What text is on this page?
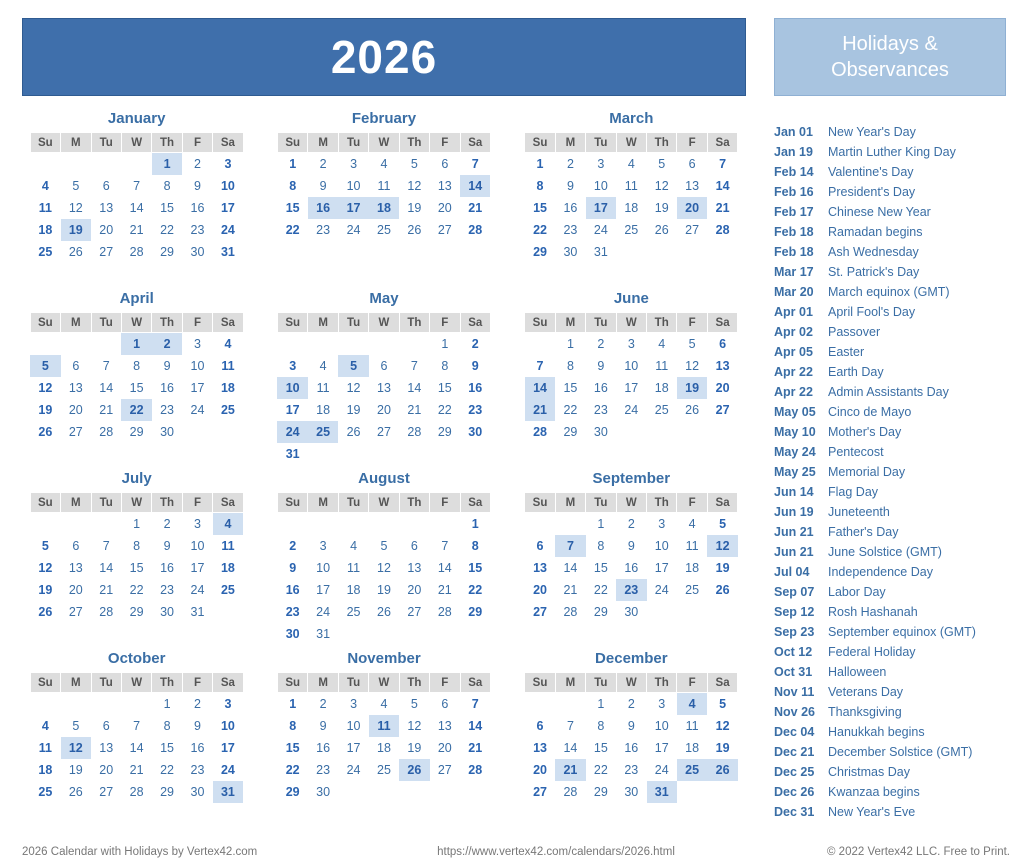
2026	Holidays &
Observances
January
Su	M	Tu	W	Th	F	Sa
				1	2	3
4	5	6	7	8	9	10
11	12	13	14	15	16	17
18	19	20	21	22	23	24
25	26	27	28	29	30	31
February
Su	M	Tu	W	Th	F	Sa
1	2	3	4	5	6	7
8	9	10	11	12	13	14
15	16	17	18	19	20	21
22	23	24	25	26	27	28
March
Su	M	Tu	W	Th	F	Sa
1	2	3	4	5	6	7
8	9	10	11	12	13	14
15	16	17	18	19	20	21
22	23	24	25	26	27	28
29	30	31				
April
Su	M	Tu	W	Th	F	Sa
			1	2	3	4
5	6	7	8	9	10	11
12	13	14	15	16	17	18
19	20	21	22	23	24	25
26	27	28	29	30		
May
Su	M	Tu	W	Th	F	Sa
					1	2
3	4	5	6	7	8	9
10	11	12	13	14	15	16
17	18	19	20	21	22	23
24	25	26	27	28	29	30
31						
June
Su	M	Tu	W	Th	F	Sa
	1	2	3	4	5	6
7	8	9	10	11	12	13
14	15	16	17	18	19	20
21	22	23	24	25	26	27
28	29	30				
July
Su	M	Tu	W	Th	F	Sa
			1	2	3	4
5	6	7	8	9	10	11
12	13	14	15	16	17	18
19	20	21	22	23	24	25
26	27	28	29	30	31	
August
Su	M	Tu	W	Th	F	Sa
						1
2	3	4	5	6	7	8
9	10	11	12	13	14	15
16	17	18	19	20	21	22
23	24	25	26	27	28	29
30	31					
September
Su	M	Tu	W	Th	F	Sa
		1	2	3	4	5
6	7	8	9	10	11	12
13	14	15	16	17	18	19
20	21	22	23	24	25	26
27	28	29	30			
October
Su	M	Tu	W	Th	F	Sa
				1	2	3
4	5	6	7	8	9	10
11	12	13	14	15	16	17
18	19	20	21	22	23	24
25	26	27	28	29	30	31
November
Su	M	Tu	W	Th	F	Sa
1	2	3	4	5	6	7
8	9	10	11	12	13	14
15	16	17	18	19	20	21
22	23	24	25	26	27	28
29	30					
December
Su	M	Tu	W	Th	F	Sa
		1	2	3	4	5
6	7	8	9	10	11	12
13	14	15	16	17	18	19
20	21	22	23	24	25	26
27	28	29	30	31		
Jan 01	New Year's Day
Jan 19	Martin Luther King Day
Feb 14	Valentine's Day
Feb 16	President's Day
Feb 17	Chinese New Year
Feb 18	Ramadan begins
Feb 18	Ash Wednesday
Mar 17	St. Patrick's Day
Mar 20	March equinox (GMT)
Apr 01	April Fool's Day
Apr 02	Passover
Apr 05	Easter
Apr 22	Earth Day
Apr 22	Admin Assistants Day
May 05 Cinco de Mayo
May 10 Mother's Day
May 24 Pentecost
May 25 Memorial Day
Jun 14	Flag Day
Jun 19	Juneteenth
Jun 21	Father's Day
Jun 21	June Solstice (GMT)
Jul 04	Independence Day
Sep 07	Labor Day
Sep 12	Rosh Hashanah
Sep 23	September equinox (GMT)
Oct 12	Federal Holiday
Oct 31	Halloween
Nov 11	Veterans Day
Nov 26	Thanksgiving
Dec 04	Hanukkah begins
Dec 21	December Solstice (GMT)
Dec 25	Christmas Day
Dec 26	Kwanzaa begins
Dec 31	New Year's Eve
2026 Calendar with Holidays by Vertex42.com	https://www.vertex42.com/calendars/2026.html	© 2022 Vertex42 LLC. Free to Print.
